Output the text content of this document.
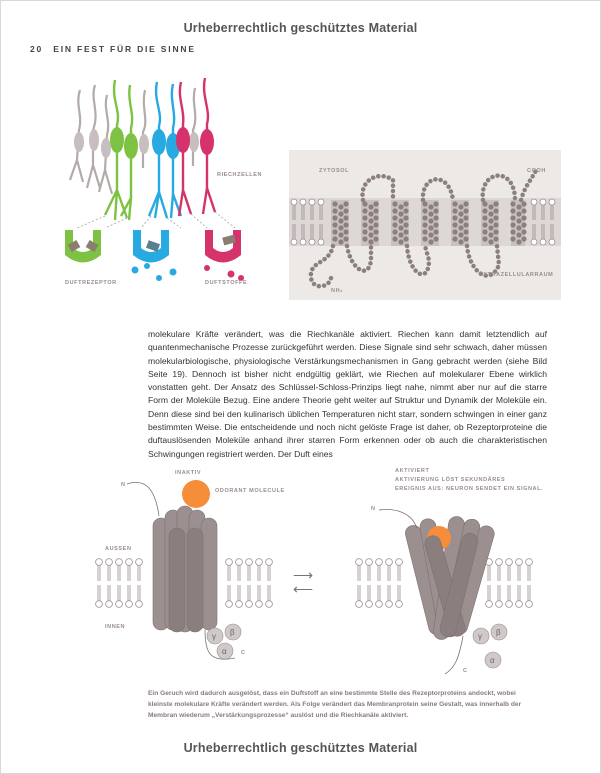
Urheberrechtlich geschütztes Material
20 EIN FEST FÜR DIE SINNE
RIECHZELLEN
DUFTREZEPTOR	DUFTSTOFFE
ZYTOSOL	COOH
NH₂
EXTRAZELLULARRAUM

molekulare Kräfte verändert, was die Riechkanäle aktiviert. Riechen kann damit letztendlich auf quantenmechanische Prozesse zurückgeführt werden. Diese Signale sind sehr schwach, daher müssen molekularbiologische, physiologische Verstärkungsmechanismen in Gang gebracht werden (siehe Bild Seite 19). Dennoch ist bisher nicht endgültig geklärt, wie Riechen auf molekularer Ebene wirklich vonstatten geht. Der Ansatz des Schlüssel-Schloss-Prinzips liegt nahe, nimmt aber nur auf die starre Form der Moleküle Bezug. Eine andere Theorie geht weiter auf Struktur und Dynamik der Moleküle ein. Denn diese sind bei den kulinarisch üblichen Temperaturen nicht starr, sondern schwingen in einer ganz bestimmten Weise. Die entscheidende und noch nicht gelöste Frage ist daher, ob Rezeptorproteine die duftauslösenden Moleküle anhand ihrer starren Form erkennen oder ob auch die charakteristischen Schwingungen registriert werden. Der Duft eines

γ β
α	C
N
INAKTIV
ODORANT MOLECULE
AUSSEN
INNEN
⟶
⟵
γ β
α
C
N
AKTIVIERT
AKTIVIERUNG LÖST SEKUNDÄRES
EREIGNIS AUS: NEURON SENDET EIN SIGNAL.
Ein Geruch wird dadurch ausgelöst, dass ein Duftstoff an eine bestimmte Stelle des Rezeptorproteins andockt, wobei kleinste molekulare Kräfte verändert werden. Als Folge verändert das Membranprotein seine Gestalt, was innerhalb der Membran wiederum „Verstärkungsprozesse“ auslöst und die Riechkanäle aktiviert.
Urheberrechtlich geschütztes Material
